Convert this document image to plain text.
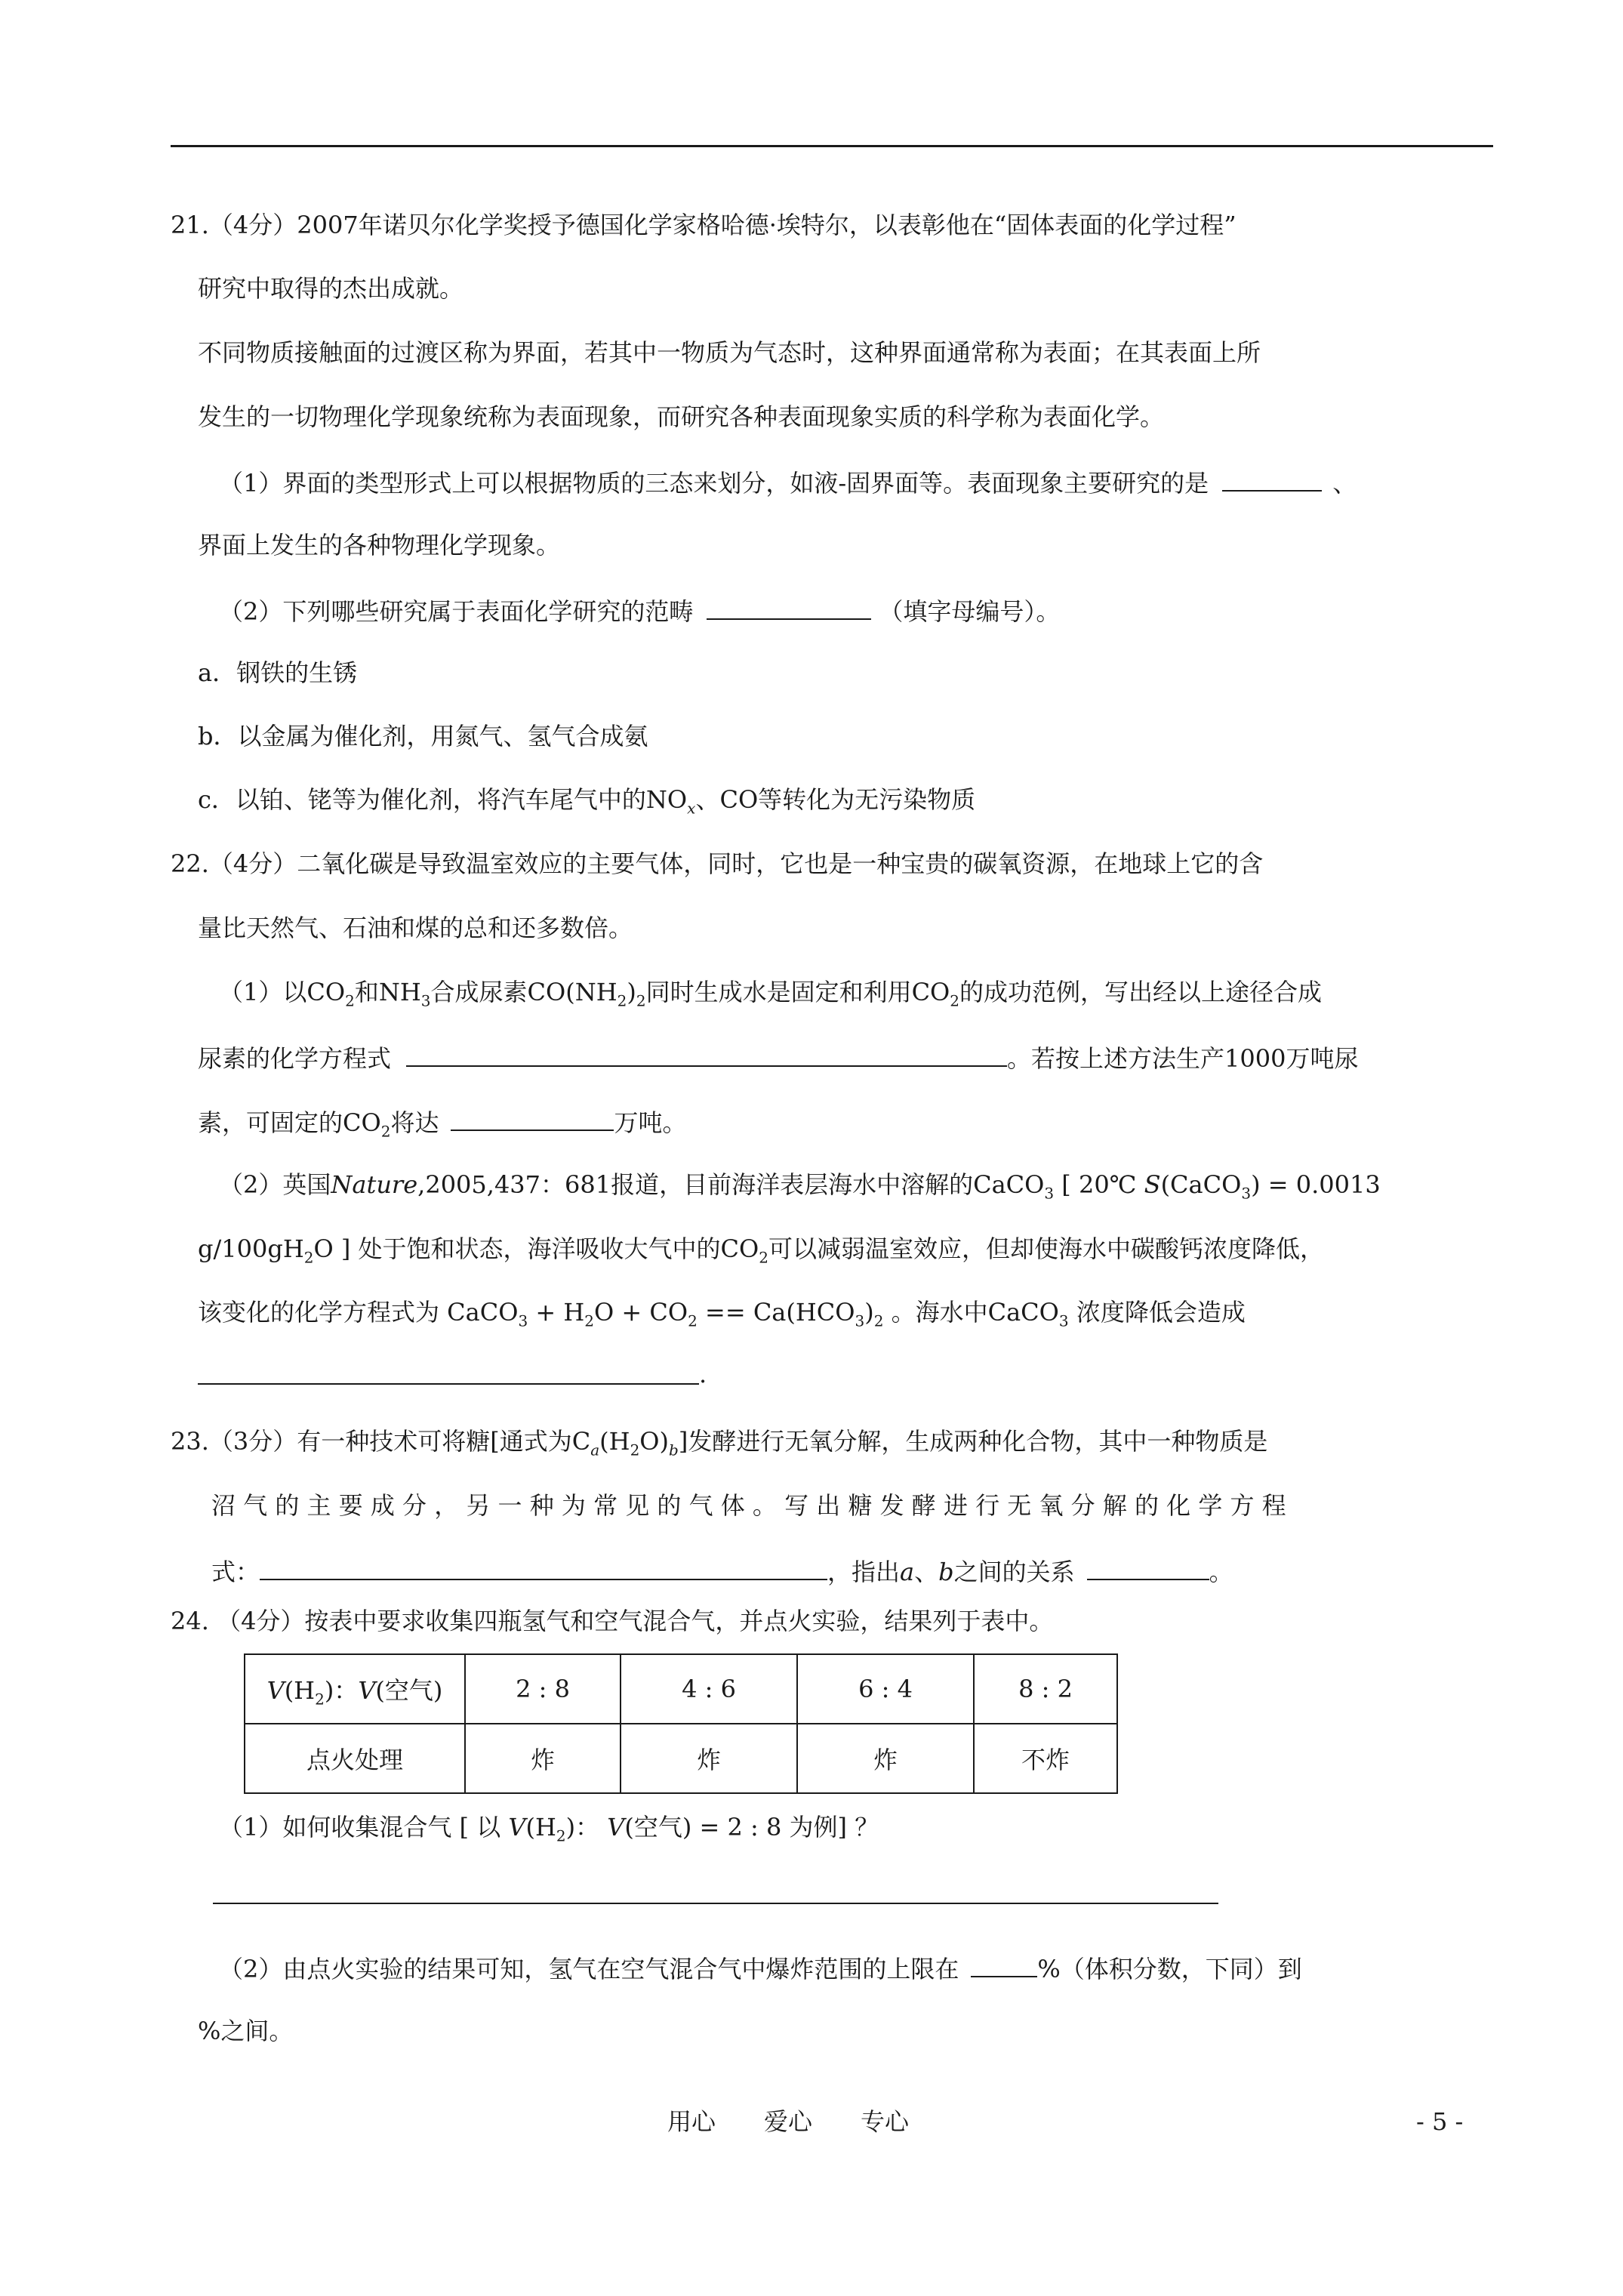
21.（4分）2007年诺贝尔化学奖授予德国化学家格哈德·埃特尔，以表彰他在“固体表面的化学过程”
研究中取得的杰出成就。
不同物质接触面的过渡区称为界面，若其中一物质为气态时，这种界面通常称为表面；在其表面上所
发生的一切物理化学现象统称为表面现象，而研究各种表面现象实质的科学称为表面化学。
（1）界面的类型形式上可以根据物质的三态来划分，如液-固界面等。表面现象主要研究的是	、
界面上发生的各种物理化学现象。
（2）下列哪些研究属于表面化学研究的范畴	（填字母编号）。
a．钢铁的生锈
b．以金属为催化剂，用氮气、氢气合成氨
c．以铂、铑等为催化剂，将汽车尾气中的$NO_x$、CO等转化为无污染物质
22.（4分）二氧化碳是导致温室效应的主要气体，同时，它也是一种宝贵的碳氧资源，在地球上它的含
量比天然气、石油和煤的总和还多数倍。
（1）以$CO_2$和$NH_3$合成尿素$CO(NH_2)_2$同时生成水是固定和利用$CO_2$的成功范例，写出经以上途径合成
尿素的化学方程式	。若按上述方法生产1000万吨尿
素，可固定的$CO_2$将达	万吨。
（2）英国Nature,2005,437：681报道，目前海洋表层海水中溶解的CaCO$_3$ [ 20℃ S(CaCO$_3$) = 0.0013
$g/100gH_2O$ ] 处于饱和状态，海洋吸收大气中的$CO_2$可以减弱温室效应，但却使海水中碳酸钙浓度降低，
该变化的化学方程式为 CaCO$_3$ + $H_2O + CO_2 == Ca(HCO_3)_2$ 。海水中CaCO$_3$ 浓度降低会造成
.
23.（3分）有一种技术可将糖[通式为$C_a(H_2O)_b$]发酵进行无氧分解，生成两种化合物，其中一种物质是
沼 气 的 主 要 成 分 ， 另 一 种 为 常 见 的 气 体 。 写 出 糖 发 酵 进 行 无 氧 分 解 的 化 学 方 程
式：	，指出a、b之间的关系	。
24. （4分）按表中要求收集四瓶氢气和空气混合气，并点火实验，结果列于表中。
$V(H_2)$：V(空气)	2 : 8	4 : 6	6 : 4	8 : 2
点火处理	炸	炸	炸	不炸
（1）如何收集混合气 [ 以 $V(H_2)$： V(空气) = 2 : 8 为例] ？
（2）由点火实验的结果可知，氢气在空气混合气中爆炸范围的上限在	%（体积分数，下同）到
%之间。
用心　　爱心　　专心	- 5 -
